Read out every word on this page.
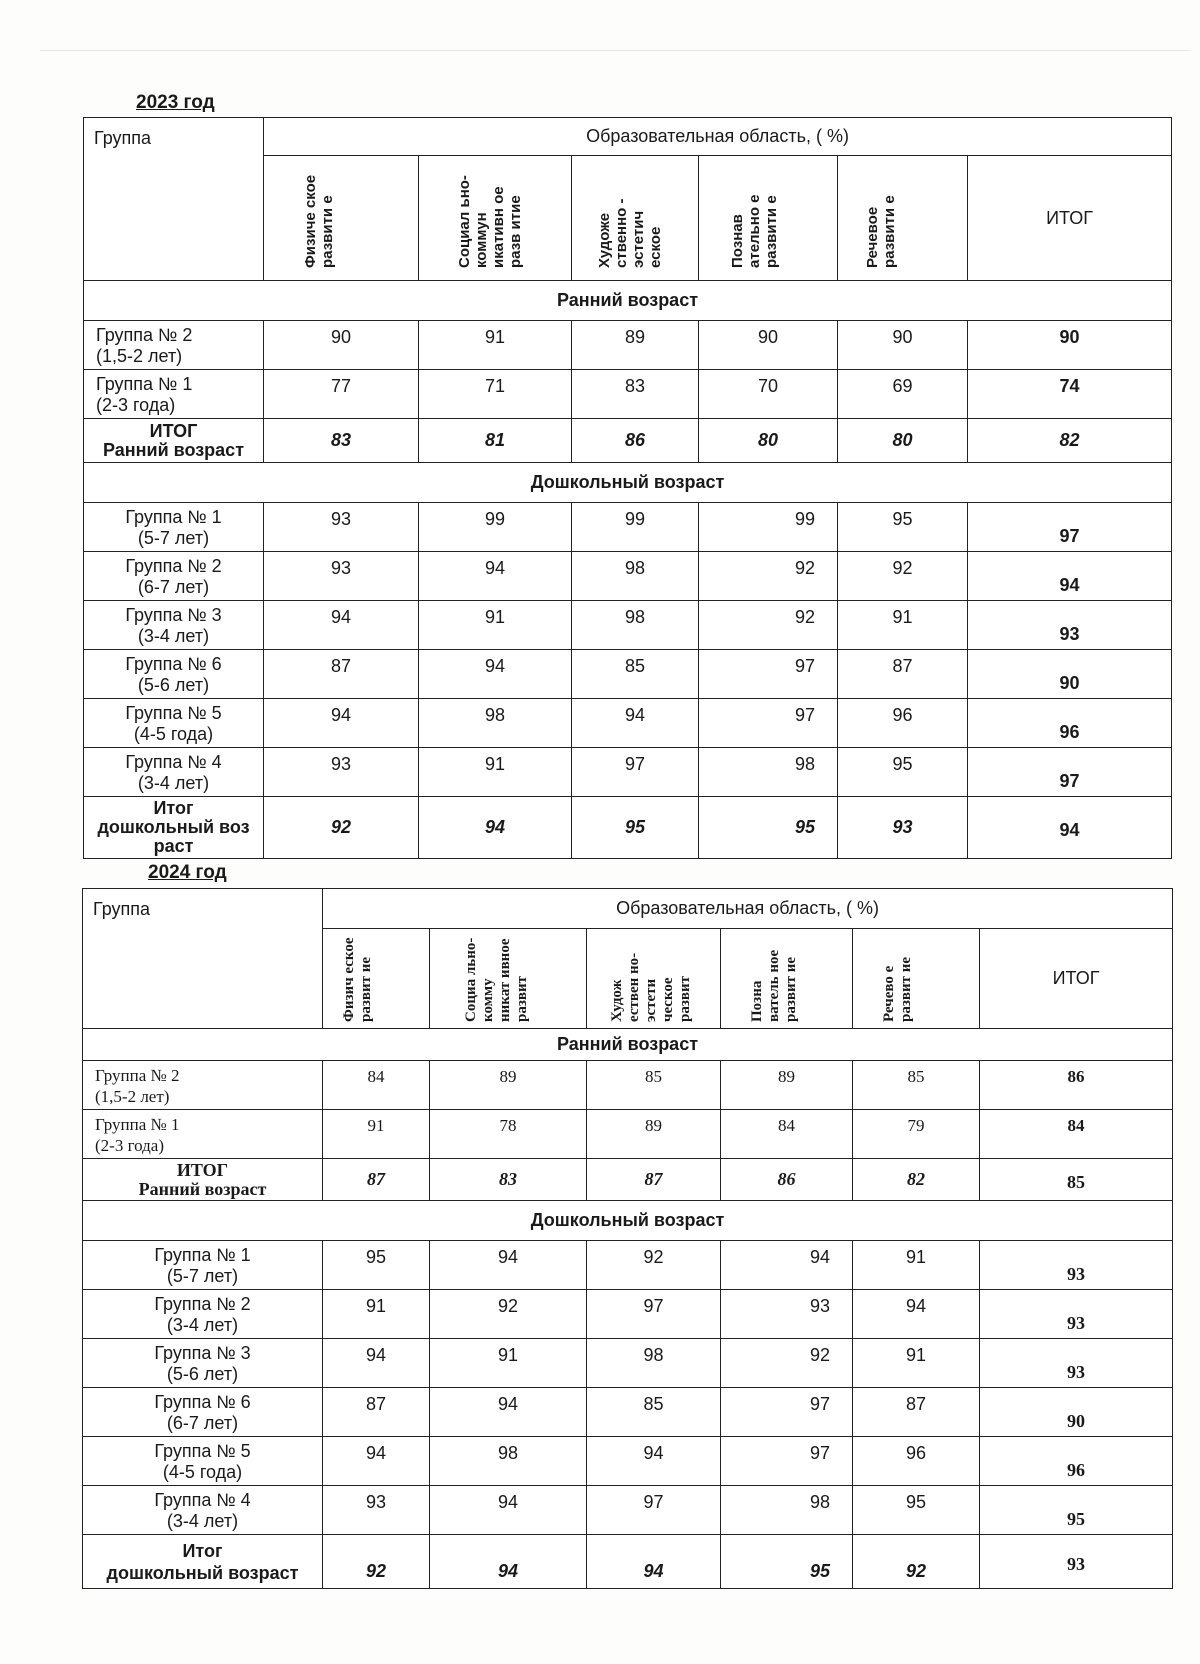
2023 год
Группа	Образовательная область, ( %)					

	Физиче ское развити е	Социал ьно- коммун икативн ое разв итие	Художе ственно - эстетич еское	Познав ательно е развити е	Речевое развити е	ИТОГ
Ранний возраст						
Группа № 2
(1,5-2 лет)	90	91	89	90	90	90
Группа № 1
(2-3 года)	77	71	83	70	69	74
ИТОГ
Ранний возраст	83	81	86	80	80	82
Дошкольный возраст						
Группа № 1
(5-7 лет)	93	99	99	99	95	97
Группа № 2
(6-7 лет)	93	94	98	92	92	94
Группа № 3
(3-4 лет)	94	91	98	92	91	93
Группа № 6
(5-6 лет)	87	94	85	97	87	90
Группа № 5
(4-5 года)	94	98	94	97	96	96
Группа № 4
(3-4 лет)	93	91	97	98	95	97
Итог
дошкольный воз раст	92	94	95	95	93	94
2024 год
Группа	Образовательная область, ( %)					

	Физич еское развит ие	Социа льно- комму никат ивное развит	Худож ествен но- эстети ческое развит	Позна ватель ное развит ие	Речево е развит ие	ИТОГ
Ранний возраст						
Группа № 2
(1,5-2 лет)	84	89	85	89	85	86
Группа № 1
(2-3 года)	91	78	89	84	79	84
ИТОГ
Ранний возраст	87	83	87	86	82	85
Дошкольный возраст						
Группа № 1
(5-7 лет)	95	94	92	94	91	93
Группа № 2
(3-4 лет)	91	92	97	93	94	93
Группа № 3
(5-6 лет)	94	91	98	92	91	93
Группа № 6
(6-7 лет)	87	94	85	97	87	90
Группа № 5
(4-5 года)	94	98	94	97	96	96
Группа № 4
(3-4 лет)	93	94	97	98	95	95
Итог
дошкольный возраст	92	94	94	95	92	93
